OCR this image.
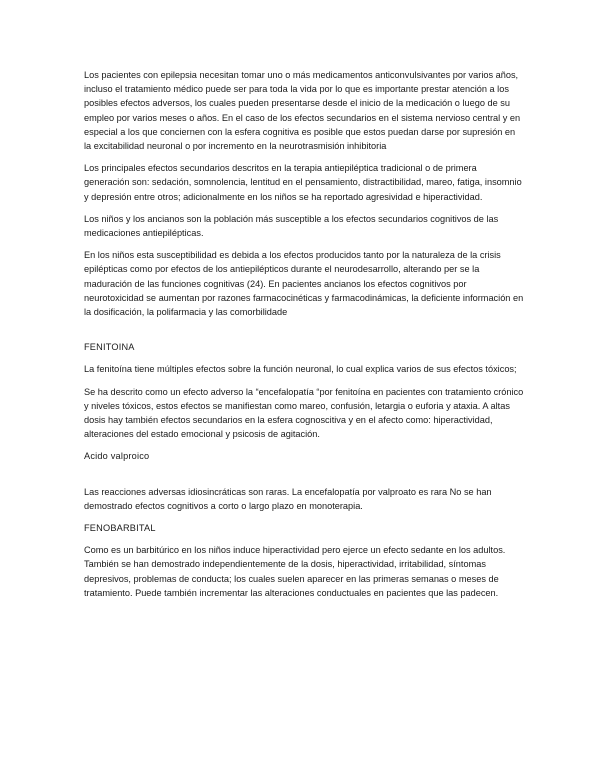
Los pacientes con epilepsia necesitan tomar uno o más medicamentos anticonvulsivantes por varios años, incluso el tratamiento médico puede ser para toda la vida por lo que es importante prestar atención a los posibles efectos adversos, los cuales pueden presentarse desde el inicio de la medicación o luego de su empleo por varios meses o años. En el caso de los efectos secundarios en el sistema nervioso central y en especial a los que conciernen con la esfera cognitiva es posible que estos puedan darse por supresión en la excitabilidad neuronal o por incremento en la neurotrasmisión inhibitoria

Los principales efectos secundarios descritos en la terapia antiepiléptica tradicional o de primera generación son: sedación, somnolencia, lentitud en el pensamiento, distractibilidad, mareo, fatiga, insomnio y depresión entre otros; adicionalmente en los niños se ha reportado agresividad e hiperactividad.

Los niños y los ancianos son la población más susceptible a los efectos secundarios cognitivos de las medicaciones antiepilépticas.

En los niños esta susceptibilidad es debida a los efectos producidos tanto por la naturaleza de la crisis epilépticas como por efectos de los antiepilépticos durante el neurodesarrollo, alterando per se la maduración de las funciones cognitivas (24). En pacientes ancianos los efectos cognitivos por neurotoxicidad se aumentan por razones farmacocinéticas y farmacodinámicas, la deficiente información en la dosificación, la polifarmacia y las comorbilidade

FENITOINA

La fenitoína tiene múltiples efectos sobre la función neuronal, lo cual explica varios de sus efectos tóxicos;

Se ha descrito como un efecto adverso la “encefalopatía “por fenitoína en pacientes con tratamiento crónico y niveles tóxicos, estos efectos se manifiestan como mareo, confusión, letargia o euforia y ataxia. A altas dosis hay también efectos secundarios en la esfera cognoscitiva y en el afecto como: hiperactividad, alteraciones del estado emocional y psicosis de agitación.

Acido valproico

Las reacciones adversas idiosincráticas son raras. La encefalopatía por valproato es rara No se han demostrado efectos cognitivos a corto o largo plazo en monoterapia.

FENOBARBITAL

Como es un barbitúrico en los niños induce hiperactividad pero ejerce un efecto sedante en los adultos. También se han demostrado independientemente de la dosis, hiperactividad, irritabilidad, síntomas depresivos, problemas de conducta; los cuales suelen aparecer en las primeras semanas o meses de tratamiento. Puede también incrementar las alteraciones conductuales en pacientes que las padecen.
